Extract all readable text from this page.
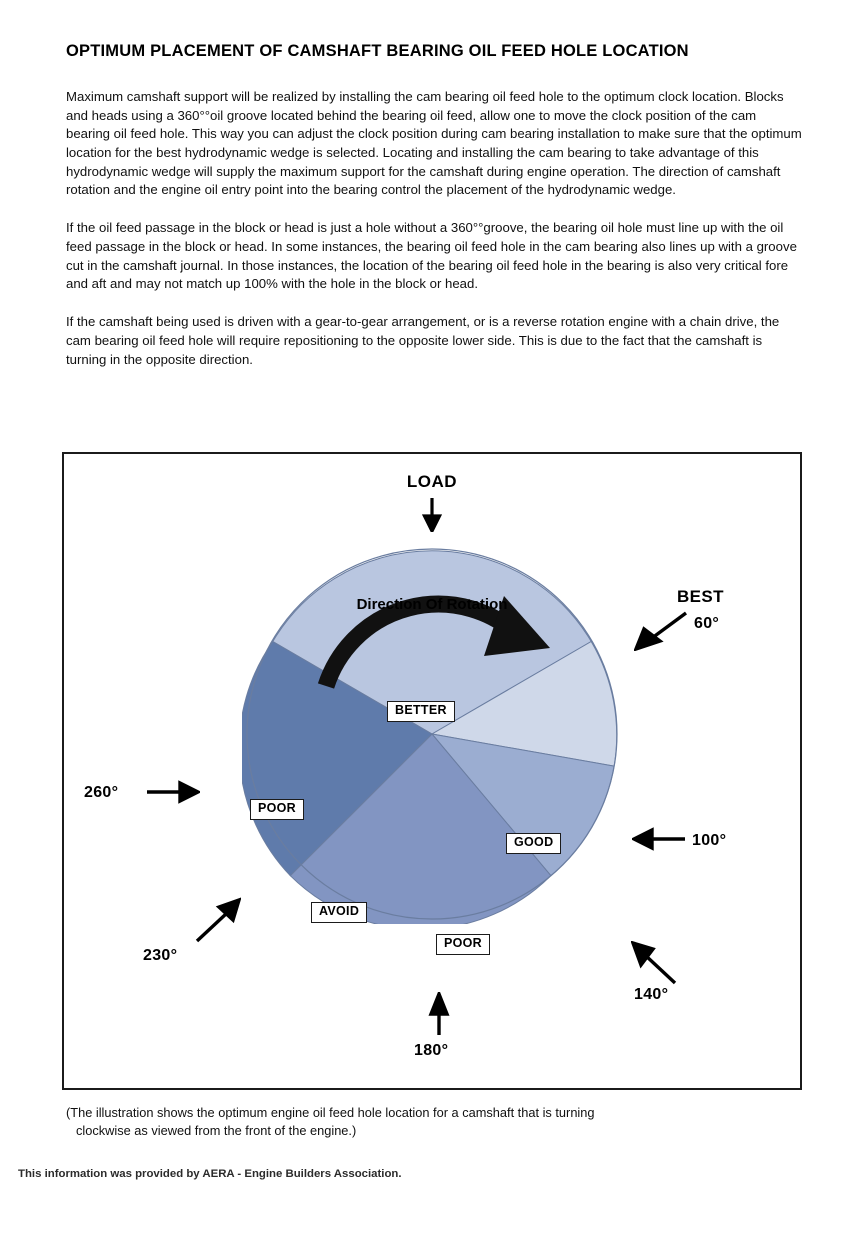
OPTIMUM PLACEMENT OF CAMSHAFT BEARING OIL FEED HOLE LOCATION

Maximum camshaft support will be realized by installing the cam bearing oil feed hole to the optimum clock location. Blocks and heads using a 360°°oil groove located behind the bearing oil feed, allow one to move the clock position of the cam bearing oil feed hole. This way you can adjust the clock position during cam bearing installation to make sure that the optimum location for the best hydrodynamic wedge is selected. Locating and installing the cam bearing to take advantage of this hydrodynamic wedge will supply the maximum support for the camshaft during engine operation. The direction of camshaft rotation and the engine oil entry point into the bearing control the placement of the hydrodynamic wedge.

If the oil feed passage in the block or head is just a hole without a 360°°groove, the bearing oil hole must line up with the oil feed passage in the block or head. In some instances, the bearing oil feed hole in the cam bearing also lines up with a groove cut in the camshaft journal. In those instances, the location of the bearing oil feed hole in the bearing is also very critical fore and aft and may not match up 100% with the hole in the block or head.

If the camshaft being used is driven with a gear-to-gear arrangement, or is a reverse rotation engine with a chain drive, the cam bearing oil feed hole will require repositioning to the opposite lower side. This is due to the fact that the camshaft is turning in the opposite direction.

LOAD
Direction Of Rotation
BETTER
GOOD
POOR
AVOID
POOR
BEST
60°
100°
140°
180°
230°
260°
(The illustration shows the optimum engine oil feed hole location for a camshaft that is turning
clockwise as viewed from the front of the engine.)
This information was provided by AERA - Engine Builders Association.
